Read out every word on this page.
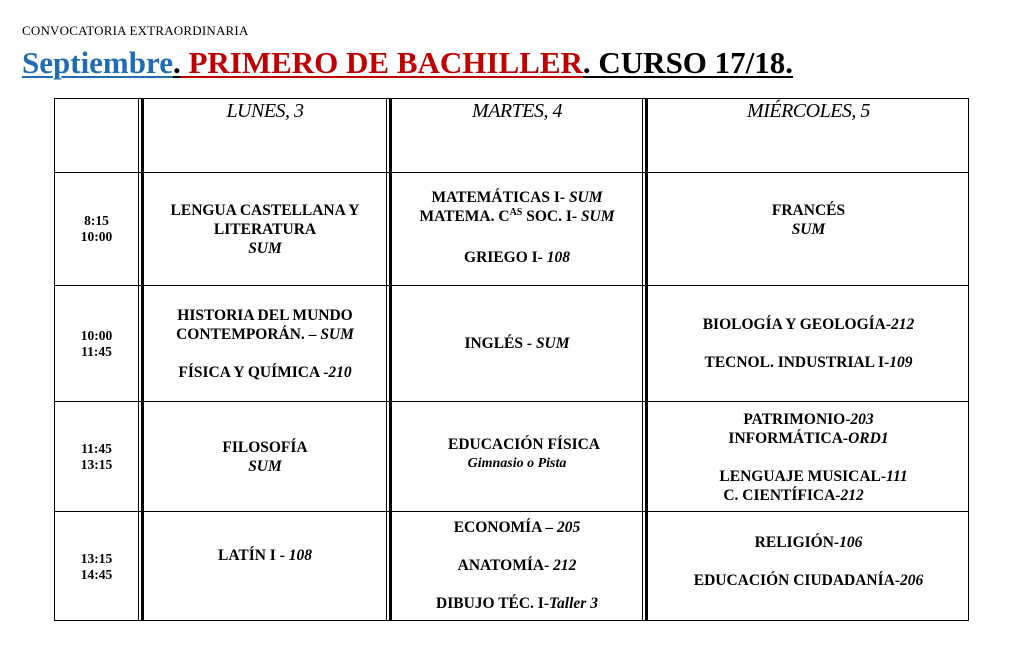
CONVOCATORIA EXTRAORDINARIA
Septiembre. PRIMERO DE BACHILLER. CURSO 17/18.
LUNES, 3	MARTES, 4	MIÉRCOLES, 5
8:15
10:00
LENGUA CASTELLANA Y
LITERATURA
SUM
MATEMÁTICAS I- SUM
MATEMA. $C^{AS}$ SOC. I- SUM
GRIEGO I- 108
FRANCÉS
SUM
10:00
11:45
HISTORIA DEL MUNDO
CONTEMPORÁN. – SUM
FÍSICA Y QUÍMICA -210
INGLÉS - SUM
BIOLOGÍA Y GEOLOGÍA-212
TECNOL. INDUSTRIAL I-109
11:45
13:15
FILOSOFÍA
SUM
EDUCACIÓN FÍSICA
Gimnasio o Pista
PATRIMONIO-203
INFORMÁTICA-ORD1
LENGUAJE MUSICAL-111
C. CIENTÍFICA-212
13:15
14:45
LATÍN I - 108
ECONOMÍA – 205
ANATOMÍA- 212
DIBUJO TÉC. I-Taller 3
RELIGIÓN-106
EDUCACIÓN CIUDADANÍA-206
